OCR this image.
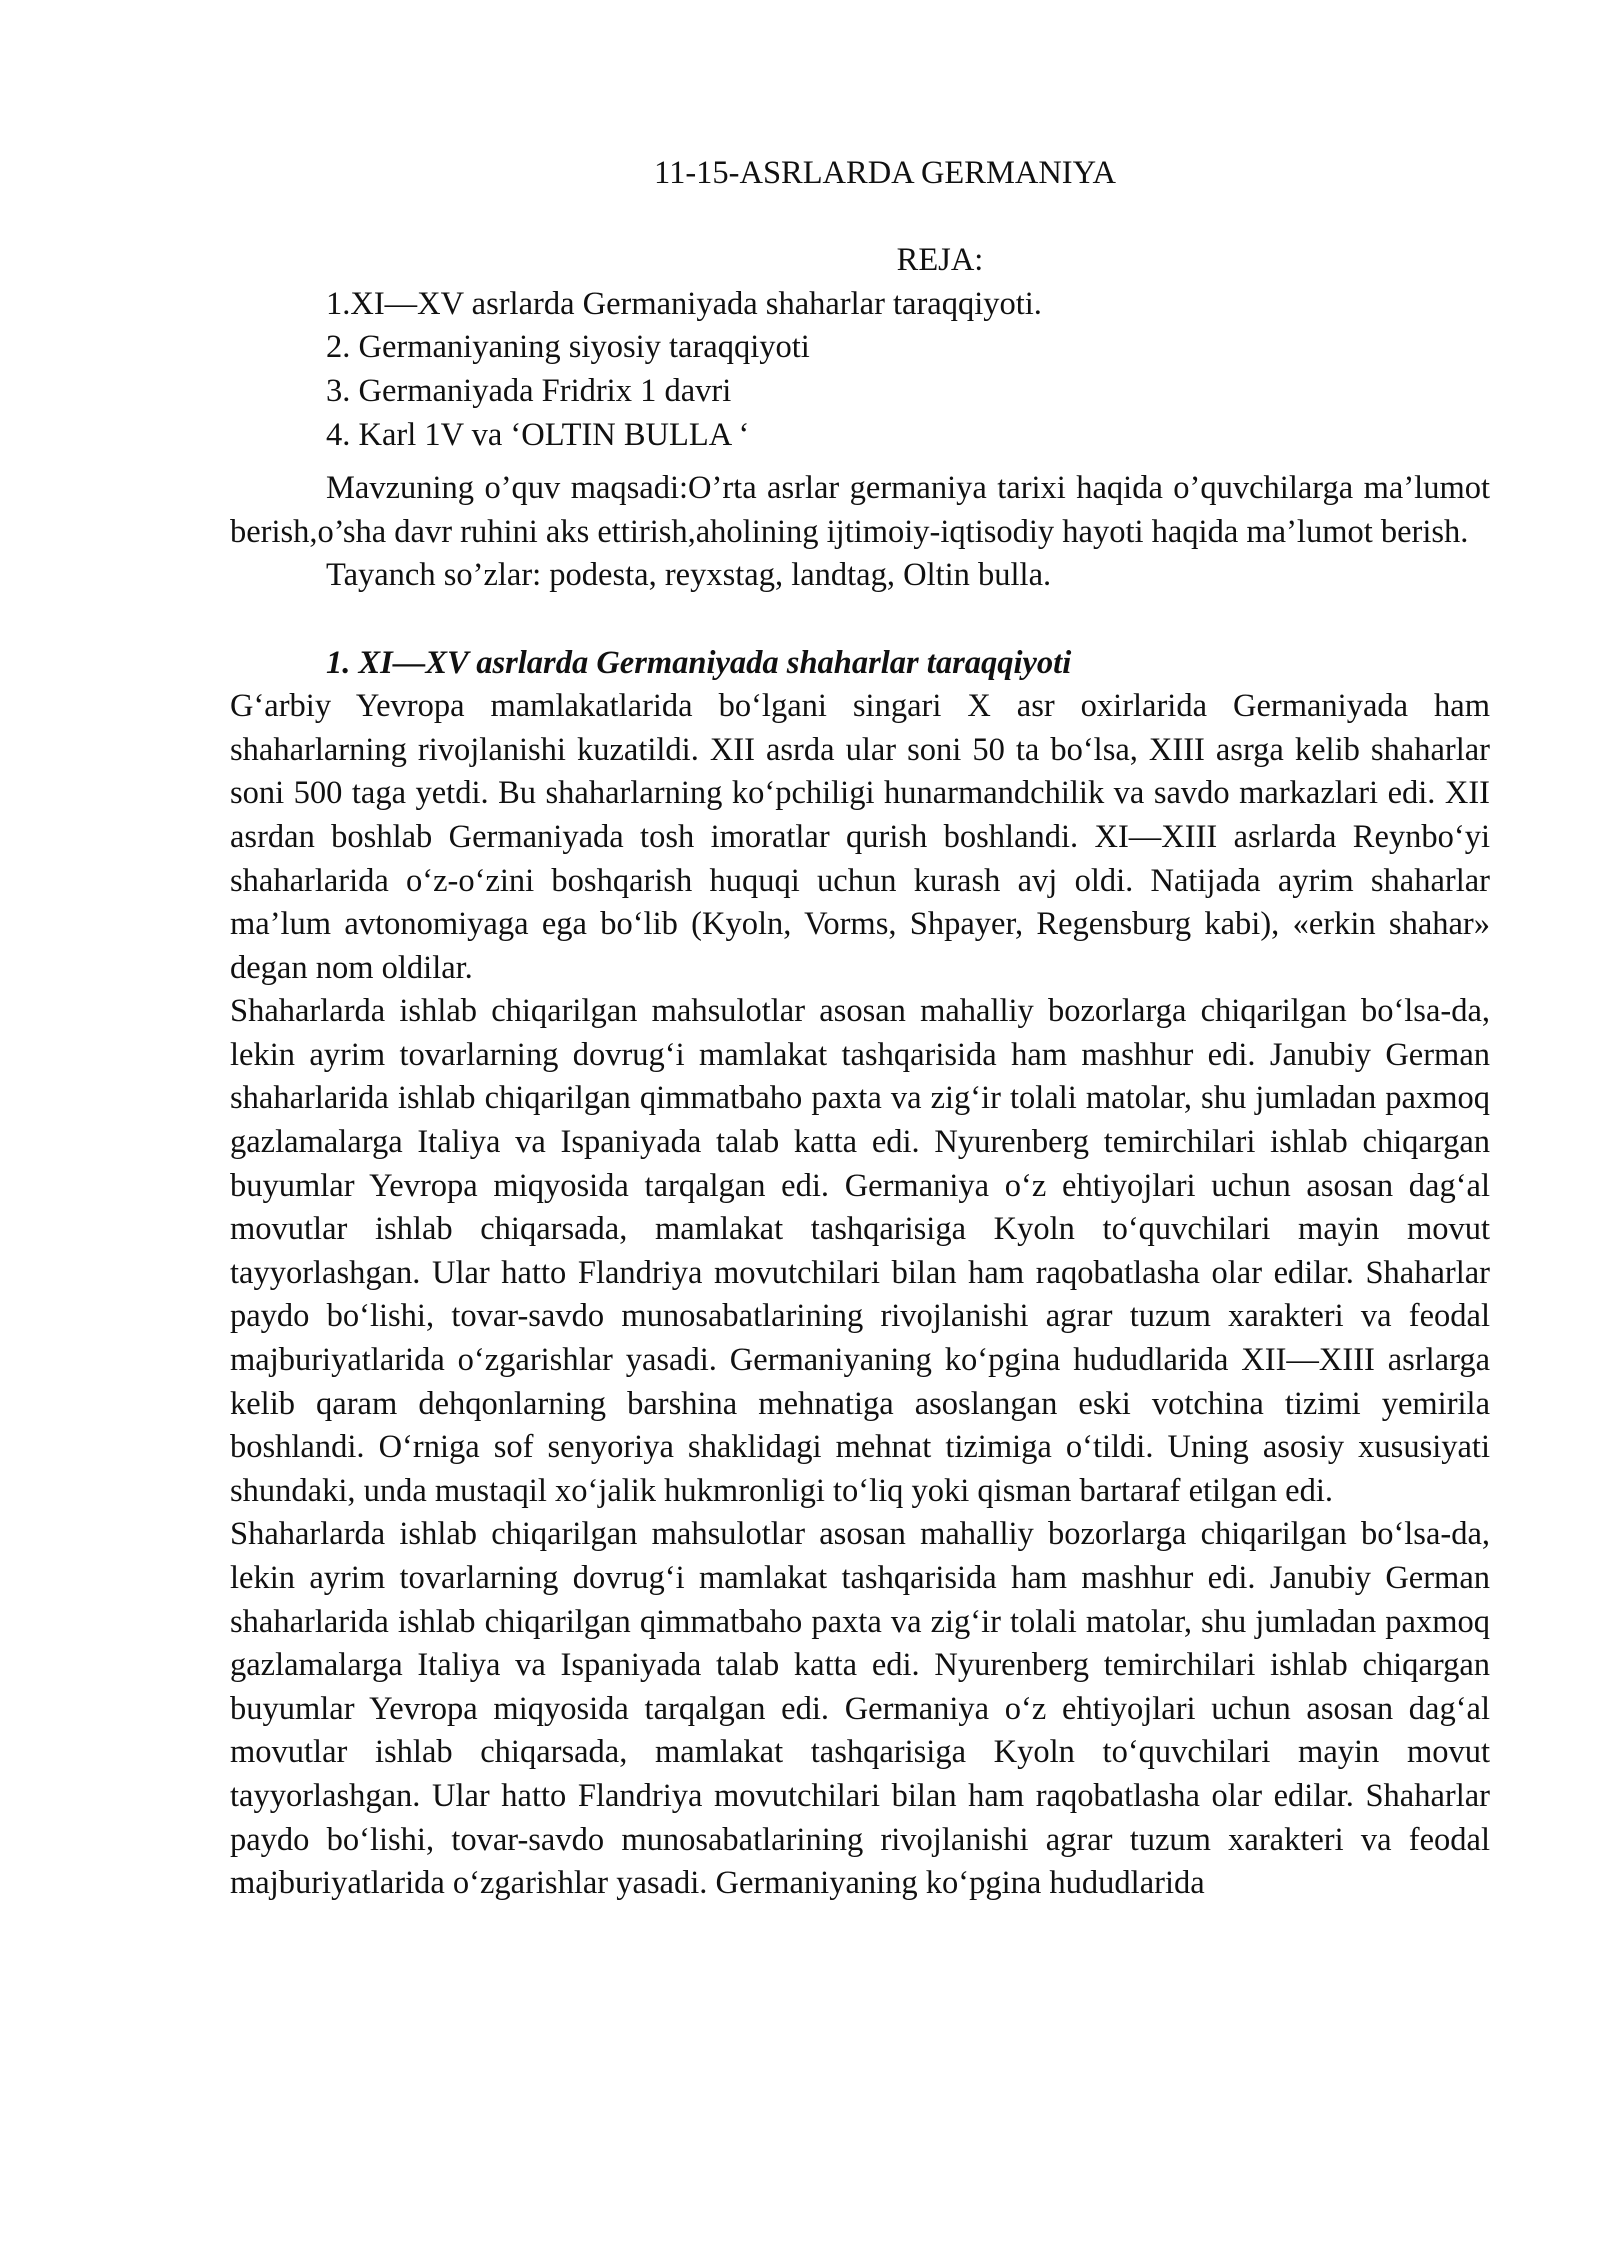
11-15-ASRLARDA GERMANIYA
REJA:
1.XI—XV asrlarda Germaniyada shaharlar taraqqiyoti.
2. Germaniyaning siyosiy taraqqiyoti
3. Germaniyada Fridrix 1 davri
4. Karl 1V va ‘OLTIN BULLA ‘

Mavzuning o’quv maqsadi:O’rta asrlar germaniya tarixi haqida o’quvchilarga ma’lumot berish,o’sha davr ruhini aks ettirish,aholining ijtimoiy-iqtisodiy hayoti haqida ma’lumot berish.

Tayanch so’zlar: podesta, reyxstag, landtag, Oltin bulla.

1. XI—XV asrlarda Germaniyada shaharlar taraqqiyoti

G‘arbiy Yevropa mamlakatlarida bo‘lgani singari X asr oxirlarida Germaniyada ham shaharlarning rivojlanishi kuzatildi. XII asrda ular soni 50 ta bo‘lsa, XIII asrga kelib shaharlar soni 500 taga yetdi. Bu shaharlarning ko‘pchiligi hunarmandchilik va savdo markazlari edi. XII asrdan boshlab Germaniyada tosh imoratlar qurish boshlandi. XI—XIII asrlarda Reynbo‘yi shaharlarida o‘z-o‘zini boshqarish huquqi uchun kurash avj oldi. Natijada ayrim shaharlar ma’lum avtonomiyaga ega bo‘lib (Kyoln, Vorms, Shpayer, Regensburg kabi), «erkin shahar» degan nom oldilar.

Shaharlarda ishlab chiqarilgan mahsulotlar asosan mahalliy bozorlarga chiqarilgan bo‘lsa-da, lekin ayrim tovarlarning dovrug‘i mamlakat tashqarisida ham mashhur edi. Janubiy German shaharlarida ishlab chiqarilgan qimmatbaho paxta va zig‘ir tolali matolar, shu jumladan paxmoq gazlamalarga Italiya va Ispaniyada talab katta edi. Nyurenberg temirchilari ishlab chiqargan buyumlar Yevropa miqyosida tarqalgan edi. Germaniya o‘z ehtiyojlari uchun asosan dag‘al movutlar ishlab chiqarsada, mamlakat tashqarisiga Kyoln to‘quvchilari mayin movut tayyorlashgan. Ular hatto Flandriya movutchilari bilan ham raqobatlasha olar edilar. Shaharlar paydo bo‘lishi, tovar-savdo munosabatlarining rivojlanishi agrar tuzum xarakteri va feodal majburiyatlarida o‘zgarishlar yasadi. Germaniyaning ko‘pgina hududlarida XII—XIII asrlarga kelib qaram dehqonlarning barshina mehnatiga asoslangan eski votchina tizimi yemirila boshlandi. O‘rniga sof senyoriya shaklidagi mehnat tizimiga o‘tildi. Uning asosiy xususiyati shundaki, unda mustaqil xo‘jalik hukmronligi to‘liq yoki qisman bartaraf etilgan edi.

Shaharlarda ishlab chiqarilgan mahsulotlar asosan mahalliy bozorlarga chiqarilgan bo‘lsa-da, lekin ayrim tovarlarning dovrug‘i mamlakat tashqarisida ham mashhur edi. Janubiy German shaharlarida ishlab chiqarilgan qimmatbaho paxta va zig‘ir tolali matolar, shu jumladan paxmoq gazlamalarga Italiya va Ispaniyada talab katta edi. Nyurenberg temirchilari ishlab chiqargan buyumlar Yevropa miqyosida tarqalgan edi. Germaniya o‘z ehtiyojlari uchun asosan dag‘al movutlar ishlab chiqarsada, mamlakat tashqarisiga Kyoln to‘quvchilari mayin movut tayyorlashgan. Ular hatto Flandriya movutchilari bilan ham raqobatlasha olar edilar. Shaharlar paydo bo‘lishi, tovar-savdo munosabatlarining rivojlanishi agrar tuzum xarakteri va feodal majburiyatlarida o‘zgarishlar yasadi. Germaniyaning ko‘pgina hududlarida
